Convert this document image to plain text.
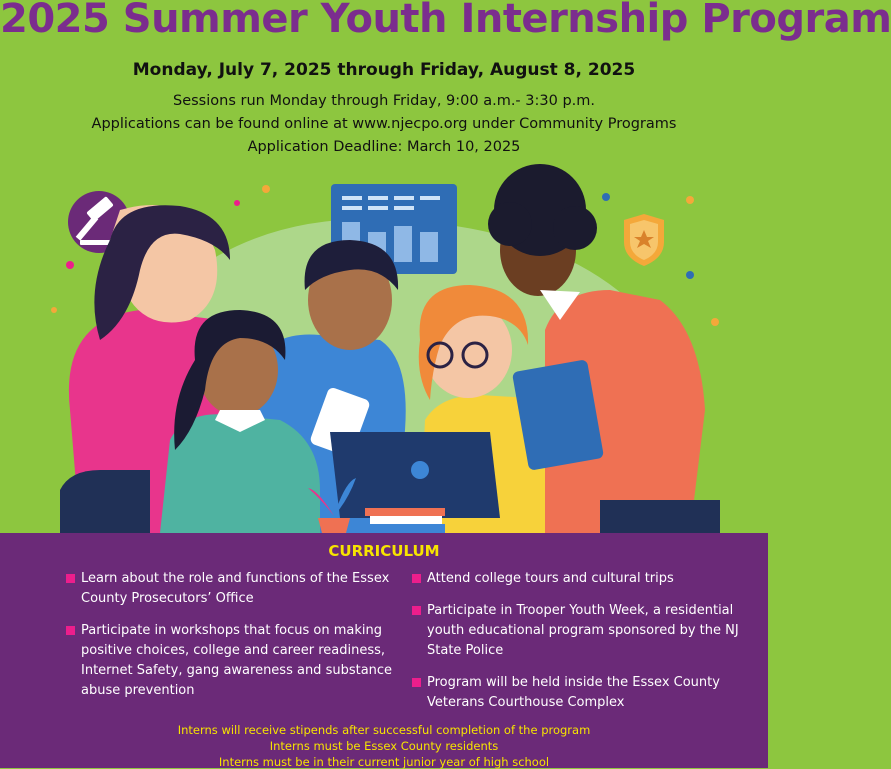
2025 Summer Youth Internship Program
Monday, July 7, 2025 through Friday, August 8, 2025
Sessions run Monday through Friday, 9:00 a.m.- 3:30 p.m.
Applications can be found online at www.njecpo.org under Community Programs
Application Deadline: March 10, 2025
CURRICULUM
Learn about the role and functions of the Essex County Prosecutors’ Office
Participate in workshops that focus on making positive choices, college and career readiness, Internet Safety, gang awareness and substance abuse prevention
Attend college tours and cultural trips
Participate in Trooper Youth Week, a residential youth educational program sponsored by the NJ State Police
Program will be held inside the Essex County Veterans Courthouse Complex
Interns will receive stipends after successful completion of the program
Interns must be Essex County residents
Interns must be in their current junior year of high school
